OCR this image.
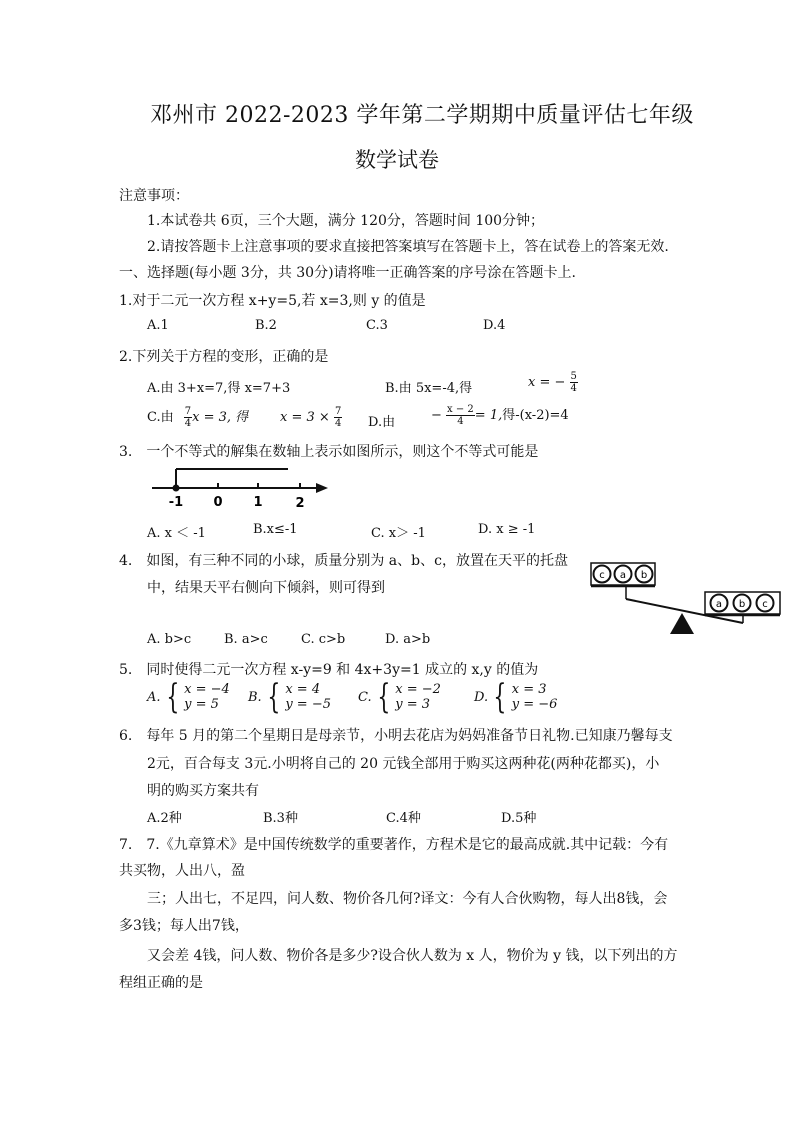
邓州市 2022-2023 学年第二学期期中质量评估七年级
数学试卷
注意事项：
1.本试卷共 6页，三个大题，满分 120分，答题时间 100分钟；
2.请按答题卡上注意事项的要求直接把答案填写在答题卡上，答在试卷上的答案无效.
一、选择题(每小题 3分，共 30分)请将唯一正确答案的序号涂在答题卡上.
1.对于二元一次方程 x+y=5,若 x=3,则 y 的值是
A.1	B.2	C.3	D.4
2.下列关于方程的变形，正确的是
A.由 3+x=7,得 x=7+3	B.由 5x=-4,得	x = − $\frac{5}{4}$
C.由 $\frac{7}{4}$ x = 3, 得 $x = 3 \times \frac{7}{4} D$.由	− $\frac{x - 2}{4} = 1$,得-(x-2)=4
3.　一个不等式的解集在数轴上表示如图所示，则这个不等式可能是
-1 0 1	2
A. x ＜ -1	B.x≤-1	C. x＞ -1	D. x ≥ -1
4.　如图，有三种不同的小球，质量分别为 a、b、c，放置在天平的托盘
中，结果天平右侧向下倾斜，则可得到
c a b
a b c
A. b>c	B. a>c	C. c>b	D. a>b
5.　同时使得二元一次方程 x-y=9 和 4x+3y=1 成立的 x,y 的值为
A. { x = −4
y = 5	B. { x = 4
y = −5 C. { x = −2
y = 3	D. { x = 3
y = −6
6.　每年 5 月的第二个星期日是母亲节，小明去花店为妈妈准备节日礼物.已知康乃馨每支
2元，百合每支 3元.小明将自己的 20 元钱全部用于购买这两种花(两种花都买)，小
明的购买方案共有
A.2种	B.3种	C.4种	D.5种
7.　7.《九章算术》是中国传统数学的重要著作，方程术是它的最高成就.其中记载：今有
共买物，人出八，盈
三；人出七，不足四，问人数、物价各几何?译文：今有人合伙购物，每人出8钱，会
多3钱；每人出7钱，
又会差 4钱，问人数、物价各是多少?设合伙人数为 x 人，物价为 y 钱，以下列出的方
程组正确的是
